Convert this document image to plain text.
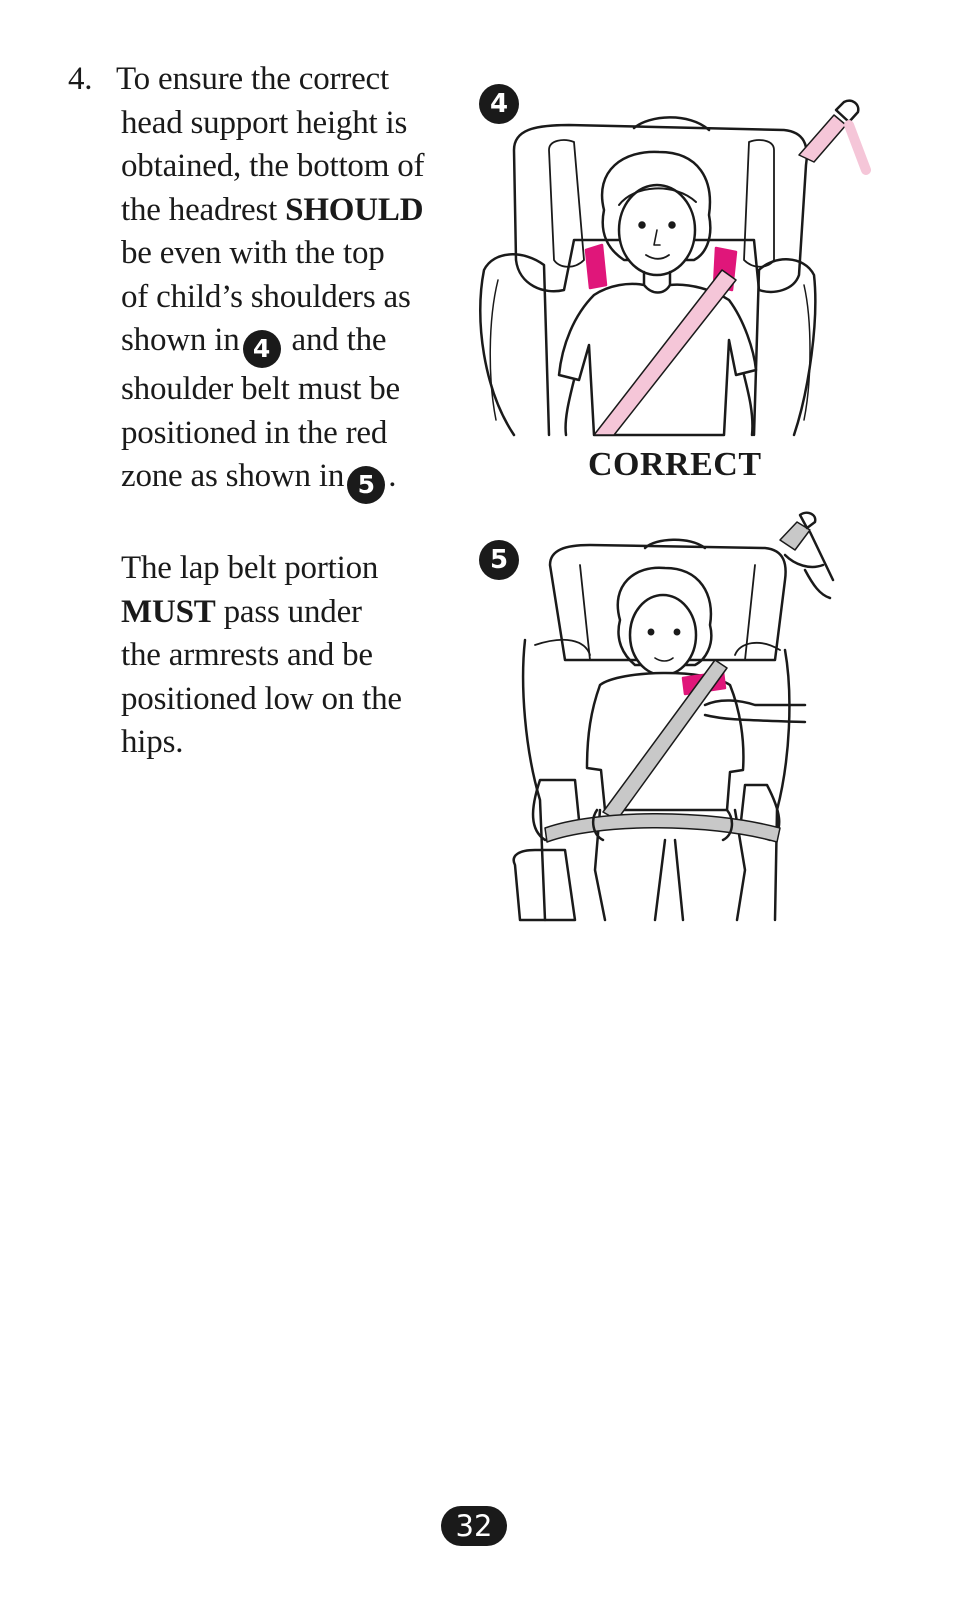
4. To ensure the correct

head support height is

obtained, the bottom of

the headrest SHOULD

be even with the top

of child’s shoulders as

shown in 4 and the

shoulder belt must be

positioned in the red

zone as shown in 5 .

The lap belt portion

MUST pass under

the armrests and be

positioned low on the

hips.

4
CORRECT
5
32
